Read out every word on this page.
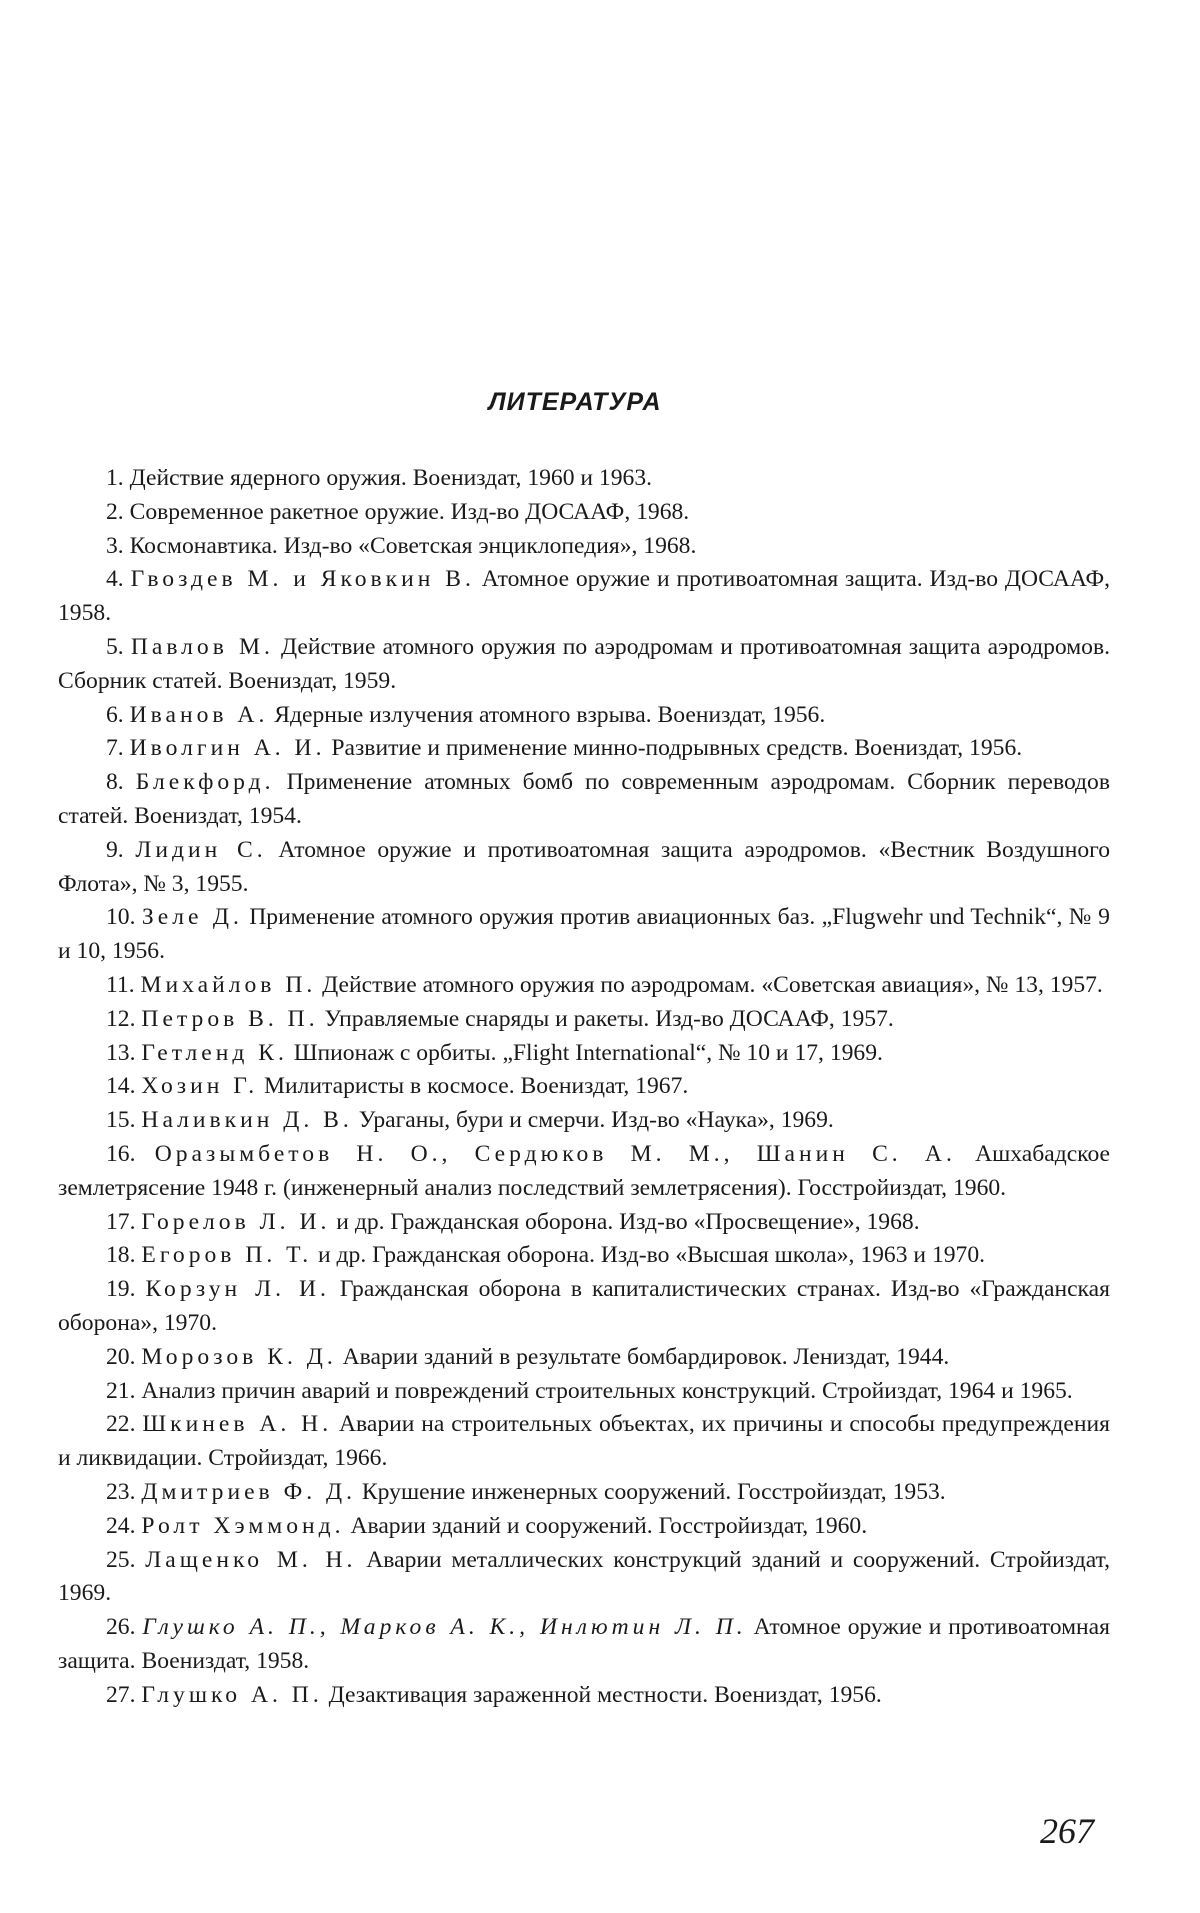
ЛИТЕРАТУРА

1. Действие ядерного оружия. Воениздат, 1960 и 1963.

2. Современное ракетное оружие. Изд-во ДОСААФ, 1968.

3. Космонавтика. Изд-во «Советская энциклопедия», 1968.

4. Гвоздев М. и Яковкин В. Атомное оружие и противоатомная защита. Изд-во ДОСААФ, 1958.

5. Павлов М. Действие атомного оружия по аэродромам и противоатомная защита аэродромов. Сборник статей. Воениздат, 1959.

6. Иванов А. Ядерные излучения атомного взрыва. Воениздат, 1956.

7. Иволгин А. И. Развитие и применение минно-подрывных средств. Воениздат, 1956.

8. Блекфорд. Применение атомных бомб по современным аэродромам. Сборник переводов статей. Воениздат, 1954.

9. Лидин С. Атомное оружие и противоатомная защита аэродромов. «Вестник Воздушного Флота», № 3, 1955.

10. Зеле Д. Применение атомного оружия против авиационных баз. „Flugwehr und Technik“, № 9 и 10, 1956.

11. Михайлов П. Действие атомного оружия по аэродромам. «Советская авиация», № 13, 1957.

12. Петров В. П. Управляемые снаряды и ракеты. Изд-во ДОСААФ, 1957.

13. Гетленд К. Шпионаж с орбиты. „Flight International“, № 10 и 17, 1969.

14. Хозин Г. Милитаристы в космосе. Воениздат, 1967.

15. Наливкин Д. В. Ураганы, бури и смерчи. Изд-во «Наука», 1969.

16. Оразымбетов Н. О., Сердюков М. М., Шанин С. А. Ашхабадское землетрясение 1948 г. (инженерный анализ последствий землетрясения). Госстройиздат, 1960.

17. Горелов Л. И. и др. Гражданская оборона. Изд-во «Просвещение», 1968.

18. Егоров П. Т. и др. Гражданская оборона. Изд-во «Высшая школа», 1963 и 1970.

19. Корзун Л. И. Гражданская оборона в капиталистических странах. Изд-во «Гражданская оборона», 1970.

20. Морозов К. Д. Аварии зданий в результате бомбардировок. Лениздат, 1944.

21. Анализ причин аварий и повреждений строительных конструкций. Стройиздат, 1964 и 1965.

22. Шкинев А. Н. Аварии на строительных объектах, их причины и способы предупреждения и ликвидации. Стройиздат, 1966.

23. Дмитриев Ф. Д. Крушение инженерных сооружений. Госстройиздат, 1953.

24. Ролт Хэммонд. Аварии зданий и сооружений. Госстройиздат, 1960.

25. Лащенко М. Н. Аварии металлических конструкций зданий и сооружений. Стройиздат, 1969.

26. Глушко А. П., Марков А. К., Инлютин Л. П. Атомное оружие и противоатомная защита. Воениздат, 1958.

27. Глушко А. П. Дезактивация зараженной местности. Воениздат, 1956.

267
